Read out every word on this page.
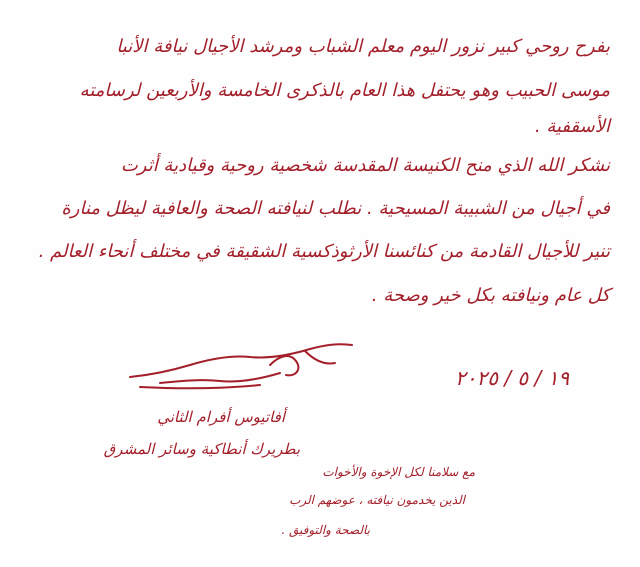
بفرح روحي كبير نزور اليوم معلم الشباب ومرشد الأجيال نيافة الأنبا
موسى الحبيب وهو يحتفل هذا العام بالذكرى الخامسة والأربعين لرسامته
الأسقفية .
نشكر الله الذي منح الكنيسة المقدسة شخصية روحية وقيادية أثرت
في أجيال من الشبيبة المسيحية . نطلب لنيافته الصحة والعافية ليظل منارة
تنير للأجيال القادمة من كنائسنا الأرثوذكسية الشقيقة في مختلف أنحاء العالم .
كل عام ونيافته بكل خير وصحة .
١٩ / ٥ / ٢٠٢٥
أفاتيوس أفرام الثاني
بطريرك أنطاكية وسائر المشرق
مع سلامنا لكل الإخوة والأخوات
الذين يخدمون نيافته ، عوضهم الرب
بالصحة والتوفيق .
